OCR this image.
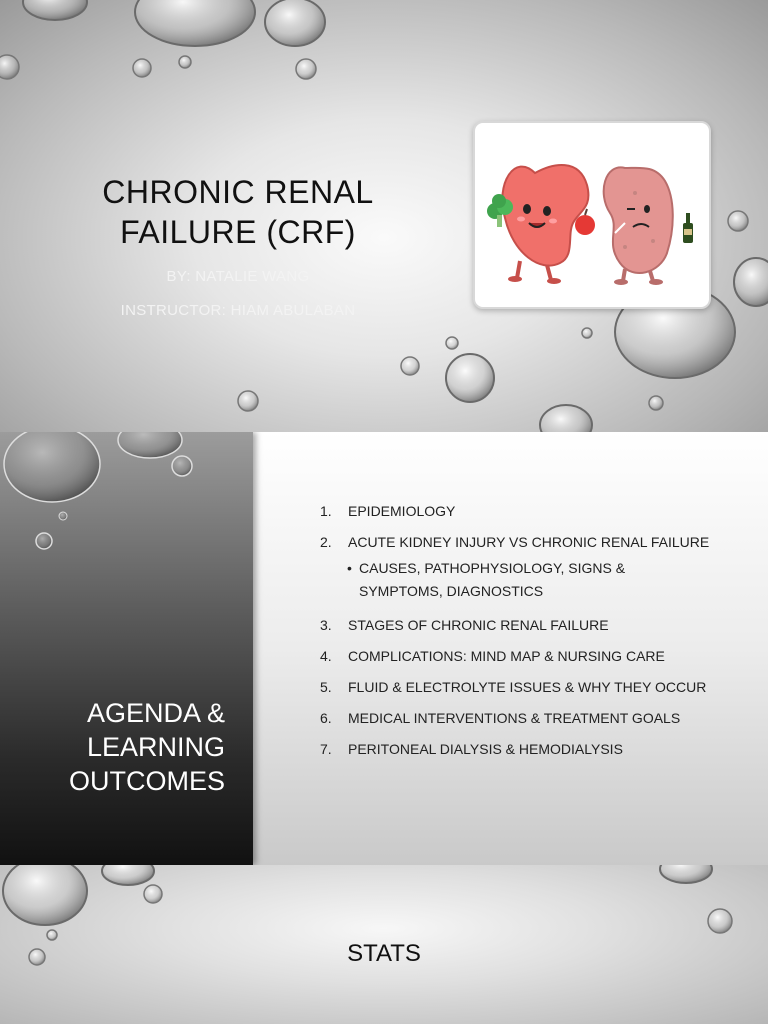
CHRONIC RENAL
FAILURE (CRF)
BY: NATALIE WANG
INSTRUCTOR: HIAM ABULABAN
AGENDA &
LEARNING
OUTCOMES
1.	EPIDEMIOLOGY
2.	ACUTE KIDNEY INJURY VS CHRONIC RENAL FAILURE
• CAUSES, PATHOPHYSIOLOGY, SIGNS &
SYMPTOMS, DIAGNOSTICS
3.	STAGES OF CHRONIC RENAL FAILURE
4.	COMPLICATIONS: MIND MAP & NURSING CARE
5.	FLUID & ELECTROLYTE ISSUES & WHY THEY OCCUR
6.	MEDICAL INTERVENTIONS & TREATMENT GOALS
7.	PERITONEAL DIALYSIS & HEMODIALYSIS
STATS
